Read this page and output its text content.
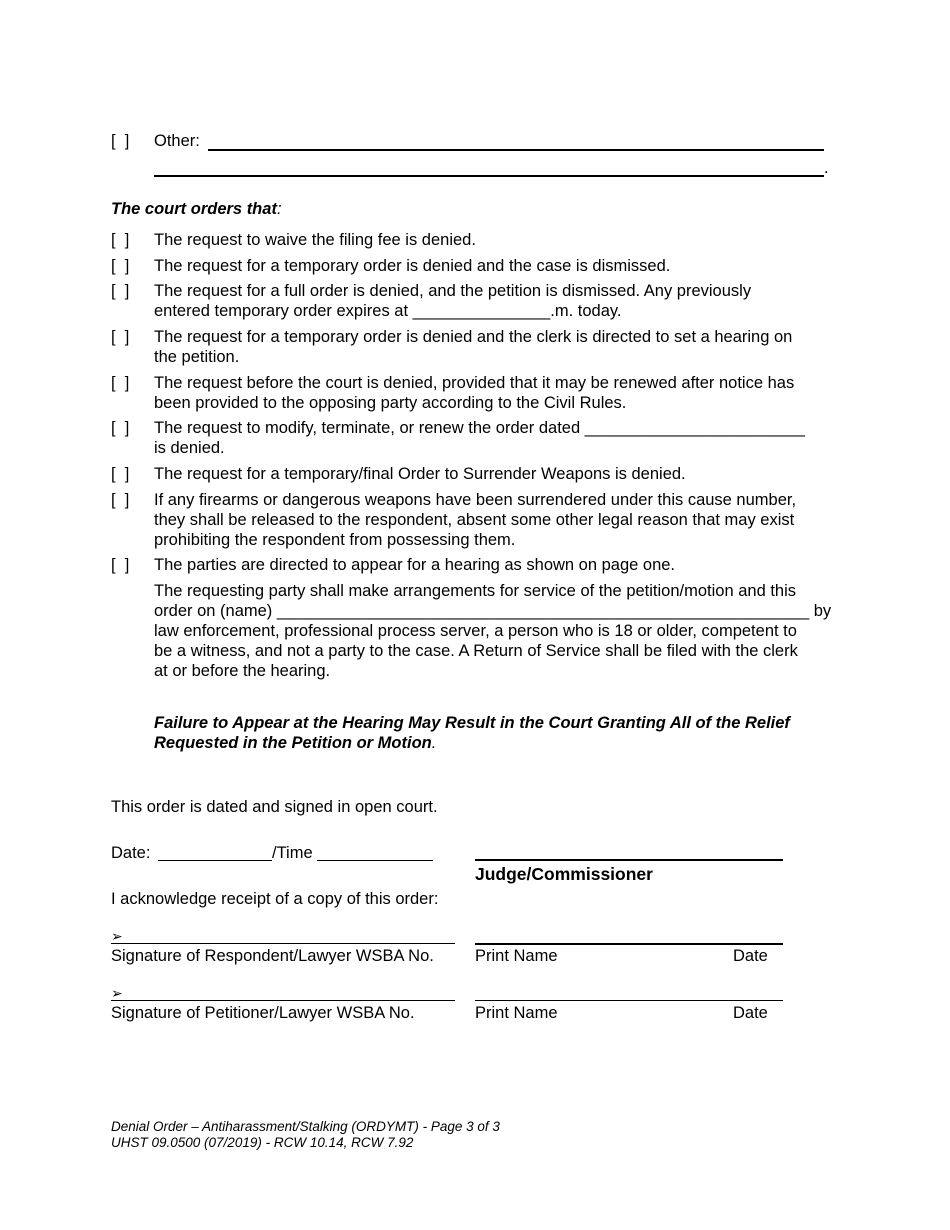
[  ] Other:
.
The court orders that:
[  ] The request to waive the filing fee is denied.
[  ] The request for a temporary order is denied and the case is dismissed.
[  ] The request for a full order is denied, and the petition is dismissed. Any previously
entered temporary order expires at _______________.m. today.
[  ] The request for a temporary order is denied and the clerk is directed to set a hearing on
the petition.
[  ] The request before the court is denied, provided that it may be renewed after notice has
been provided to the opposing party according to the Civil Rules.
[  ] The request to modify, terminate, or renew the order dated ________________________
is denied.
[  ] The request for a temporary/final Order to Surrender Weapons is denied.
[  ] If any firearms or dangerous weapons have been surrendered under this cause number,
they shall be released to the respondent, absent some other legal reason that may exist
prohibiting the respondent from possessing them.
[  ] The parties are directed to appear for a hearing as shown on page one.
The requesting party shall make arrangements for service of the petition/motion and this
order on (name) __________________________________________________________ by
law enforcement, professional process server, a person who is 18 or older, competent to
be a witness, and not a party to the case. A Return of Service shall be filed with the clerk
at or before the hearing.
Failure to Appear at the Hearing May Result in the Court Granting All of the Relief
Requested in the Petition or Motion.
This order is dated and signed in open court.
Date:	/Time
Judge/Commissioner
I acknowledge receipt of a copy of this order:
➢
Signature of Respondent/Lawyer WSBA No. Print Name	Date
➢
Signature of Petitioner/Lawyer WSBA No.	Print Name	Date
Denial Order – Antiharassment/Stalking (ORDYMT) - Page 3 of 3
UHST 09.0500 (07/2019) - RCW 10.14, RCW 7.92
